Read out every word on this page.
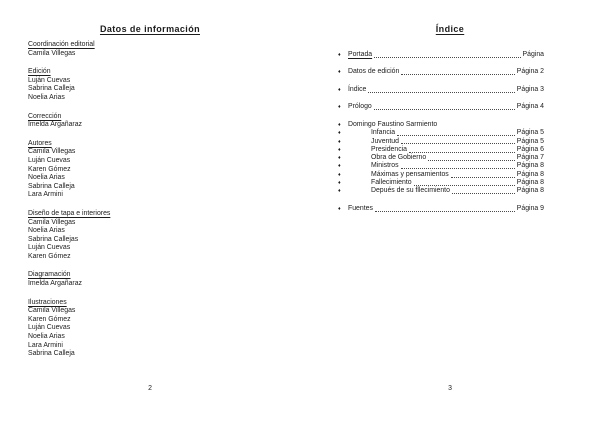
Datos de información
Coordinación editorial
Camila Villegas
Edición
Luján Cuevas
Sabrina Calleja
Noelia Arias
Corrección
Imelda Argañaraz
Autores
Camila Villegas
Luján Cuevas
Karen Gómez
Noelia Arias
Sabrina Calleja
Lara Armini
Diseño de tapa e interiores
Camila Villegas
Noelia Arias
Sabrina Callejas
Luján Cuevas
Karen Gómez
Diagramación
Imelda Argañaraz
Ilustraciones
Camila Villegas
Karen Gómez
Luján Cuevas
Noelia Arias
Lara Armini
Sabrina Calleja
2
Índice
♦	Portada	Página
♦	Datos de edición	Página 2
♦	Índice	Página 3
♦	Prólogo	Página 4
♦	Domingo Faustino Sarmiento
♦	Infancia	Página 5
♦	Juventud	Página 5
♦	Presidencia	Página 6
♦	Obra de Gobierno	Página 7
♦	Ministros	Página 8
♦	Máximas y pensamientos	Página 8
♦	Fallecimiento	Página 8
♦	Depués de su fllecimiento	Página 8
♦	Fuentes	Página 9
3
